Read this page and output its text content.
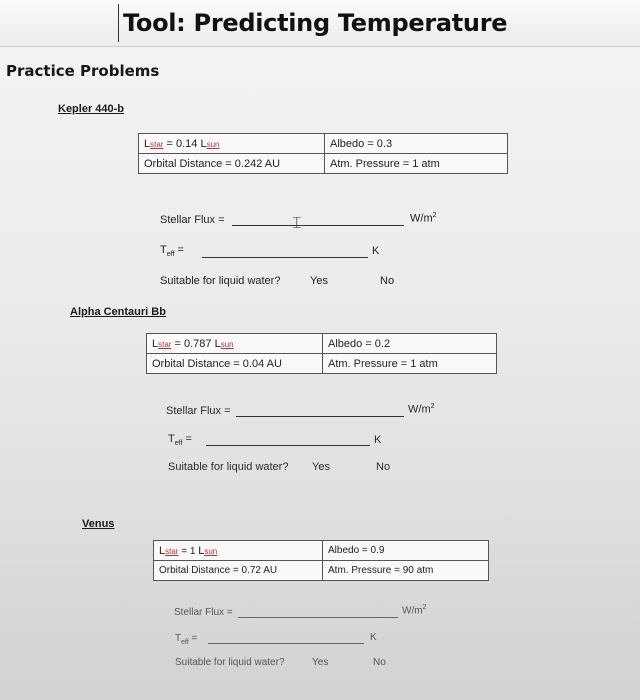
Tool: Predicting Temperature
Practice Problems
Kepler 440-b
Lstar = 0.14 Lsun	Albedo = 0.3
Orbital Distance = 0.242 AU	Atm. Pressure = 1 atm
Stellar Flux =	⌶	$W/m^2$
$T_{eff}$ =	K
Suitable for liquid water?	Yes	No
Alpha Centauri Bb
Lstar = 0.787 Lsun	Albedo = 0.2
Orbital Distance = 0.04 AU	Atm. Pressure = 1 atm
Stellar Flux =	$W/m^2$
$T_{eff}$ =	K
Suitable for liquid water? Yes	No
Venus
Lstar = 1 Lsun	Albedo = 0.9
Orbital Distance = 0.72 AU	Atm. Pressure = 90 atm
Stellar Flux =	$W/m^2$
$T_{eff}$ =	K
Suitable for liquid water?	Yes	No
